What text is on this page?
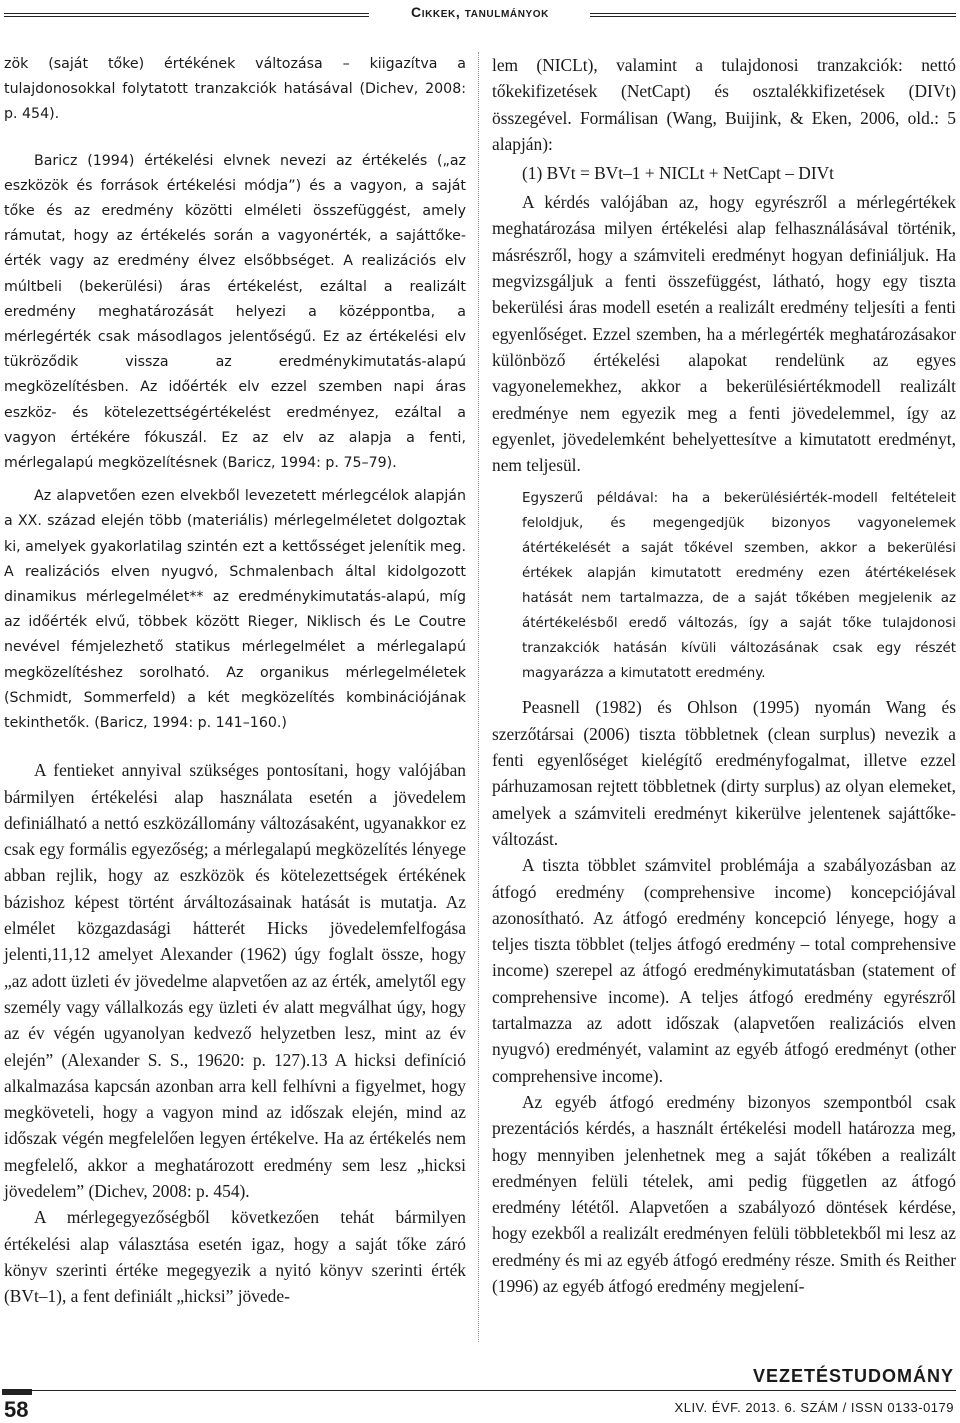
Cikkek, tanulmányok

zök (saját tőke) értékének változása – kiigazítva a tulajdonosokkal folytatott tranzakciók hatásával (Dichev, 2008: p. 454).

Baricz (1994) értékelési elvnek nevezi az értékelés („az eszközök és források értékelési módja”) és a vagyon, a saját tőke és az eredmény közötti elméleti összefüggést, amely rámutat, hogy az értékelés során a vagyonérték, a sajáttőke-érték vagy az eredmény élvez elsőbbséget. A realizációs elv múltbeli (bekerülési) áras értékelést, ezáltal a realizált eredmény meghatározását helyezi a középpontba, a mérlegérték csak másodlagos jelentőségű. Ez az értékelési elv tükröződik vissza az eredménykimutatás-alapú megközelítésben. Az időérték elv ezzel szemben napi áras eszköz- és kötelezettségértékelést eredményez, ezáltal a vagyon értékére fókuszál. Ez az elv az alapja a fenti, mérlegalapú megközelítésnek (Baricz, 1994: p. 75–79).

Az alapvetően ezen elvekből levezetett mérlegcélok alapján a XX. század elején több (materiális) mérlegelméletet dolgoztak ki, amelyek gyakorlatilag szintén ezt a kettősséget jelenítik meg. A realizációs elven nyugvó, Schmalenbach által kidolgozott dinamikus mérlegelmélet** az eredménykimutatás-alapú, míg az időérték elvű, többek között Rieger, Niklisch és Le Coutre nevével fémjelezhető statikus mérlegelmélet a mérlegalapú megközelítéshez sorolható. Az organikus mérlegelméletek (Schmidt, Sommerfeld) a két megközelítés kombinációjának tekinthetők. (Baricz, 1994: p. 141–160.)

A fentieket annyival szükséges pontosítani, hogy valójában bármilyen értékelési alap használata esetén a jövedelem definiálható a nettó eszközállomány változásaként, ugyanakkor ez csak egy formális egyezőség; a mérlegalapú megközelítés lényege abban rejlik, hogy az eszközök és kötelezettségek értékének bázishoz képest történt árváltozásainak hatását is mutatja. Az elmélet közgazdasági hátterét Hicks jövedelemfelfogása jelenti,11,12 amelyet Alexander (1962) úgy foglalt össze, hogy „az adott üzleti év jövedelme alapvetően az az érték, amelytől egy személy vagy vállalkozás egy üzleti év alatt megválhat úgy, hogy az év végén ugyanolyan kedvező helyzetben lesz, mint az év elején” (Alexander S. S., 19620: p. 127).13 A hicksi definíció alkalmazása kapcsán azonban arra kell felhívni a figyelmet, hogy megköveteli, hogy a vagyon mind az időszak elején, mind az időszak végén megfelelően legyen értékelve. Ha az értékelés nem megfelelő, akkor a meghatározott eredmény sem lesz „hicksi jövedelem” (Dichev, 2008: p. 454).

A mérlegegyezőségből következően tehát bármilyen értékelési alap választása esetén igaz, hogy a saját tőke záró könyv szerinti értéke megegyezik a nyitó könyv szerinti érték (BVt–1), a fent definiált „hicksi” jövede-

lem (NICLt), valamint a tulajdonosi tranzakciók: nettó tőkekifizetések (NetCapt) és osztalékkifizetések (DIVt) összegével. Formálisan (Wang, Buijink, & Eken, 2006, old.: 5 alapján):

(1) BVt = BVt–1 + NICLt + NetCapt – DIVt

A kérdés valójában az, hogy egyrészről a mérlegértékek meghatározása milyen értékelési alap felhasználásával történik, másrészről, hogy a számviteli eredményt hogyan definiáljuk. Ha megvizsgáljuk a fenti összefüggést, látható, hogy egy tiszta bekerülési áras modell esetén a realizált eredmény teljesíti a fenti egyenlőséget. Ezzel szemben, ha a mérlegérték meghatározásakor különböző értékelési alapokat rendelünk az egyes vagyonelemekhez, akkor a bekerülésiértékmodell realizált eredménye nem egyezik meg a fenti jövedelemmel, így az egyenlet, jövedelemként behelyettesítve a kimutatott eredményt, nem teljesül.

Egyszerű példával: ha a bekerülésiérték-modell feltételeit feloldjuk, és megengedjük bizonyos vagyonelemek átértékelését a saját tőkével szemben, akkor a bekerülési értékek alapján kimutatott eredmény ezen átértékelések hatását nem tartalmazza, de a saját tőkében megjelenik az átértékelésből eredő változás, így a saját tőke tulajdonosi tranzakciók hatásán kívüli változásának csak egy részét magyarázza a kimutatott eredmény.

Peasnell (1982) és Ohlson (1995) nyomán Wang és szerzőtársai (2006) tiszta többletnek (clean surplus) nevezik a fenti egyenlőséget kielégítő eredményfogalmat, illetve ezzel párhuzamosan rejtett többletnek (dirty surplus) az olyan elemeket, amelyek a számviteli eredményt kikerülve jelentenek sajáttőke-változást.

A tiszta többlet számvitel problémája a szabályozásban az átfogó eredmény (comprehensive income) koncepciójával azonosítható. Az átfogó eredmény koncepció lényege, hogy a teljes tiszta többlet (teljes átfogó eredmény – total comprehensive income) szerepel az átfogó eredménykimutatásban (statement of comprehensive income). A teljes átfogó eredmény egyrészről tartalmazza az adott időszak (alapvetően realizációs elven nyugvó) eredményét, valamint az egyéb átfogó eredményt (other comprehensive income).

Az egyéb átfogó eredmény bizonyos szempontból csak prezentációs kérdés, a használt értékelési modell határozza meg, hogy mennyiben jelenhetnek meg a saját tőkében a realizált eredményen felüli tételek, ami pedig független az átfogó eredmény lététől. Alapvetően a szabályozó döntések kérdése, hogy ezekből a realizált eredményen felüli többletekből mi lesz az eredmény és mi az egyéb átfogó eredmény része. Smith és Reither (1996) az egyéb átfogó eredmény megjelení-

VEZETÉSTUDOMÁNY
58	XLIV. ÉVF. 2013. 6. SZÁM / ISSN 0133-0179
